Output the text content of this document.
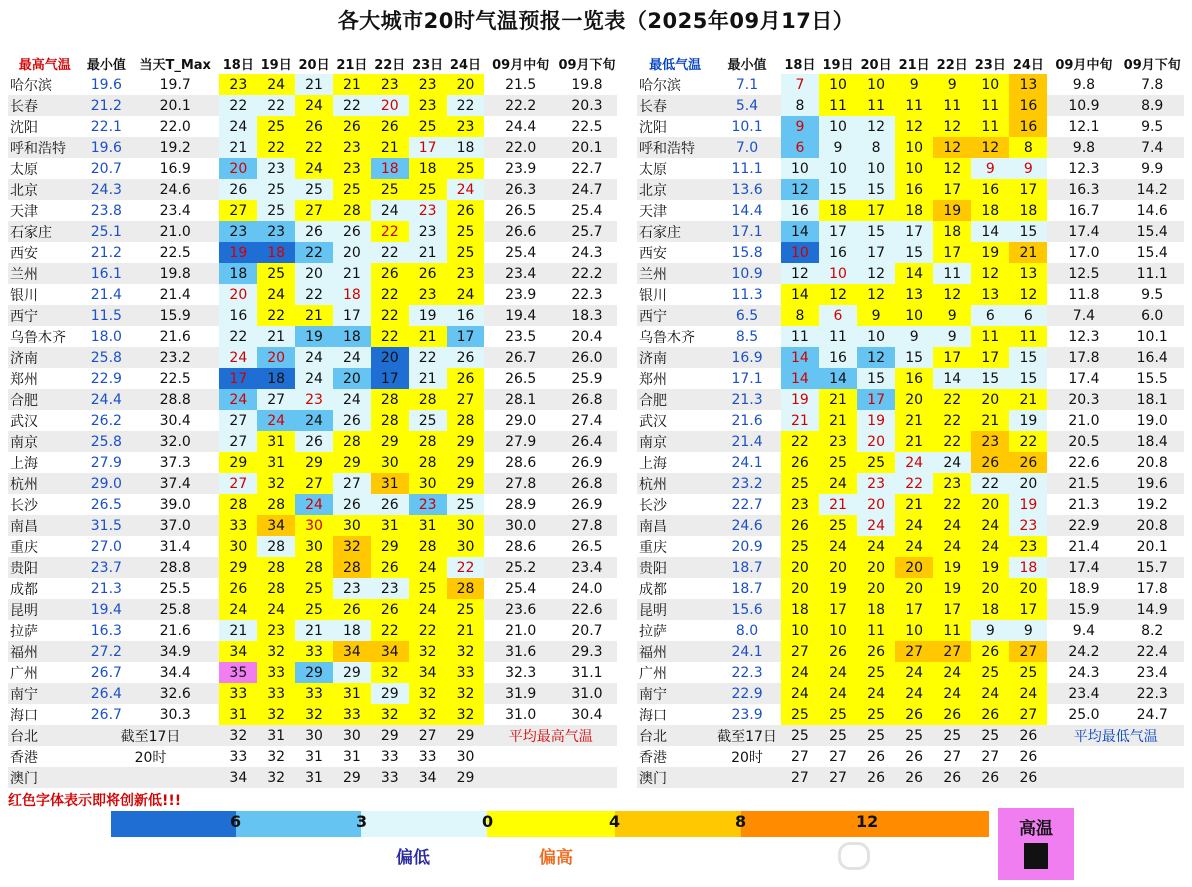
各大城市20时气温预报一览表（2025年09月17日）
最高气温	最小值	当天T_Max	18日	19日	20日	21日	22日	23日	24日	09月中旬	09月下旬
哈尔滨	19.6	19.7	23	24	21	21	23	23	20	21.5	19.8
长春	21.2	20.1	22	22	24	22	20	23	22	22.2	20.3
沈阳	22.1	22.0	24	25	26	26	26	25	23	24.4	22.5
呼和浩特	19.6	19.2	21	22	22	23	21	17	18	22.0	20.1
太原	20.7	16.9	20	23	24	23	18	18	25	23.9	22.7
北京	24.3	24.6	26	25	25	25	25	25	24	26.3	24.7
天津	23.8	23.4	27	25	27	28	24	23	26	26.5	25.4
石家庄	25.1	21.0	23	23	26	26	22	23	25	26.6	25.7
西安	21.2	22.5	19	18	22	20	22	21	25	25.4	24.3
兰州	16.1	19.8	18	25	20	21	26	26	23	23.4	22.2
银川	21.4	21.4	20	24	22	18	22	23	24	23.9	22.3
西宁	11.5	15.9	16	22	21	17	22	19	16	19.4	18.3
乌鲁木齐	18.0	21.6	22	21	19	18	22	21	17	23.5	20.4
济南	25.8	23.2	24	20	24	24	20	22	26	26.7	26.0
郑州	22.9	22.5	17	18	24	20	17	21	26	26.5	25.9
合肥	24.4	28.8	24	27	23	24	28	28	27	28.1	26.8
武汉	26.2	30.4	27	24	24	26	28	25	28	29.0	27.4
南京	25.8	32.0	27	31	26	28	29	28	29	27.9	26.4
上海	27.9	37.3	29	31	29	29	30	28	29	28.6	26.9
杭州	29.0	37.4	27	32	27	27	31	30	29	27.8	26.8
长沙	26.5	39.0	28	28	24	26	26	23	25	28.9	26.9
南昌	31.5	37.0	33	34	30	30	31	31	30	30.0	27.8
重庆	27.0	31.4	30	28	30	32	29	28	30	28.6	26.5
贵阳	23.7	28.8	29	28	28	28	26	24	22	25.2	23.4
成都	21.3	25.5	26	28	25	23	23	25	28	25.4	24.0
昆明	19.4	25.8	24	24	25	26	26	24	25	23.6	22.6
拉萨	16.3	21.6	21	23	21	18	22	22	21	21.0	20.7
福州	27.2	34.9	34	32	33	34	34	32	32	31.6	29.3
广州	26.7	34.4	35	33	29	29	32	34	33	32.3	31.1
南宁	26.4	32.6	33	33	33	31	29	32	32	31.9	31.0
海口	26.7	30.3	31	32	32	33	32	32	32	31.0	30.4
台北	截至17日		32	31	30	30	29	27	29	平均最高气温	
香港	20时		33	32	31	31	33	33	30		
澳门			34	32	31	29	33	34	29		
最低气温	最小值	18日	19日	20日	21日	22日	23日	24日	09月中旬	09月下旬
哈尔滨	7.1	7	10	10	9	9	10	13	9.8	7.8
长春	5.4	8	11	11	11	11	11	16	10.9	8.9
沈阳	10.1	9	10	12	12	12	11	16	12.1	9.5
呼和浩特	7.0	6	9	8	10	12	12	8	9.8	7.4
太原	11.1	10	10	10	10	12	9	9	12.3	9.9
北京	13.6	12	15	15	16	17	16	17	16.3	14.2
天津	14.4	16	18	17	18	19	18	18	16.7	14.6
石家庄	17.1	14	17	15	17	18	14	15	17.4	15.4
西安	15.8	10	16	17	15	17	19	21	17.0	15.4
兰州	10.9	12	10	12	14	11	12	13	12.5	11.1
银川	11.3	14	12	12	13	12	13	12	11.8	9.5
西宁	6.5	8	6	9	10	9	6	6	7.4	6.0
乌鲁木齐	8.5	11	11	10	9	9	11	11	12.3	10.1
济南	16.9	14	16	12	15	17	17	15	17.8	16.4
郑州	17.1	14	14	15	16	14	15	15	17.4	15.5
合肥	21.3	19	21	17	20	22	20	21	20.3	18.1
武汉	21.6	21	21	19	21	22	21	19	21.0	19.0
南京	21.4	22	23	20	21	22	23	22	20.5	18.4
上海	24.1	26	25	25	24	24	26	26	22.6	20.8
杭州	23.2	25	24	23	22	23	22	20	21.5	19.6
长沙	22.7	23	21	20	21	22	20	19	21.3	19.2
南昌	24.6	26	25	24	24	24	24	23	22.9	20.8
重庆	20.9	25	24	24	24	24	24	23	21.4	20.1
贵阳	18.7	20	20	20	20	19	19	18	17.4	15.7
成都	18.7	20	19	20	20	19	20	20	18.9	17.8
昆明	15.6	18	17	18	17	17	18	17	15.9	14.9
拉萨	8.0	10	10	11	10	11	9	9	9.4	8.2
福州	24.1	27	26	26	27	27	26	27	24.2	22.4
广州	22.3	24	24	25	24	24	25	25	24.3	23.4
南宁	22.9	24	24	24	24	24	24	24	23.4	22.3
海口	23.9	25	25	25	26	26	26	27	25.0	24.7
台北	截至17日	25	25	25	25	25	25	26	平均最低气温	
香港	20时	27	27	26	26	27	27	26		
澳门		27	27	26	26	26	26	26		
红色字体表示即将创新低!!!
6	3	0	4	8	12	高温
偏低	偏高
